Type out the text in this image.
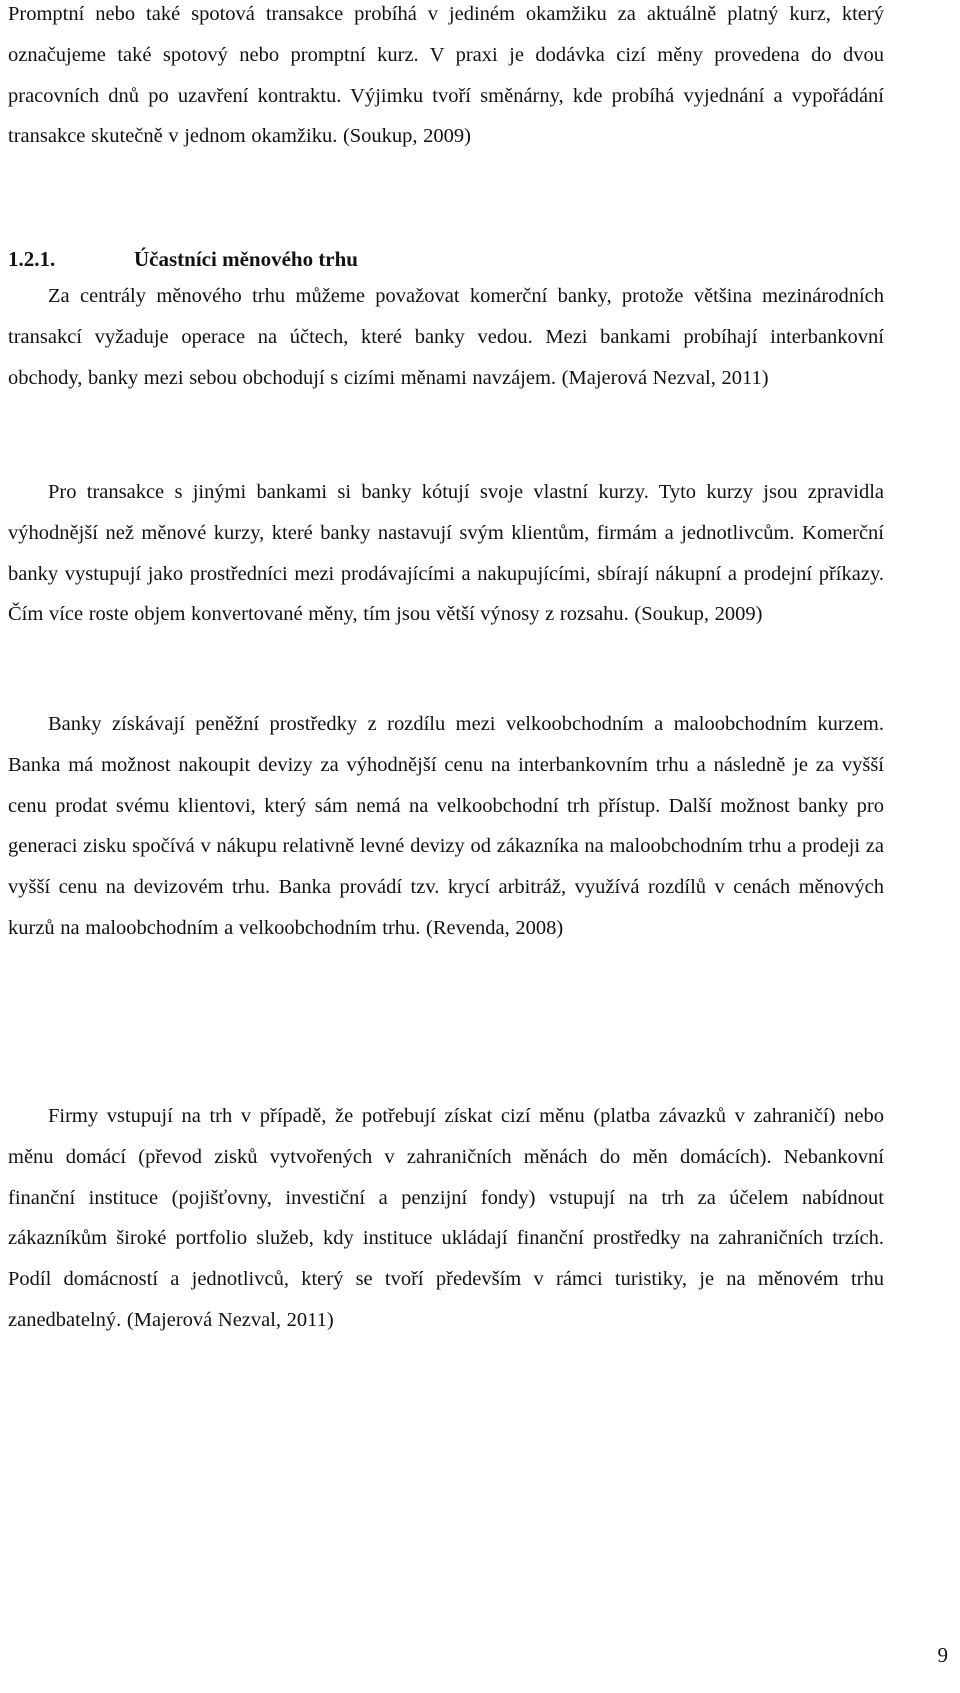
Promptní nebo také spotová transakce probíhá v jediném okamžiku za aktuálně platný kurz, který označujeme také spotový nebo promptní kurz. V praxi je dodávka cizí měny provedena do dvou pracovních dnů po uzavření kontraktu. Výjimku tvoří směnárny, kde probíhá vyjednání a vypořádání transakce skutečně v jednom okamžiku. (Soukup, 2009)

1.2.1.	Účastníci měnového trhu

Za centrály měnového trhu můžeme považovat komerční banky, protože většina mezinárodních transakcí vyžaduje operace na účtech, které banky vedou. Mezi bankami probíhají interbankovní obchody, banky mezi sebou obchodují s cizími měnami navzájem. (Majerová Nezval, 2011)

Pro transakce s jinými bankami si banky kótují svoje vlastní kurzy. Tyto kurzy jsou zpravidla výhodnější než měnové kurzy, které banky nastavují svým klientům, firmám a jednotlivcům. Komerční banky vystupují jako prostředníci mezi prodávajícími a nakupujícími, sbírají nákupní a prodejní příkazy. Čím více roste objem konvertované měny, tím jsou větší výnosy z rozsahu. (Soukup, 2009)

Banky získávají peněžní prostředky z rozdílu mezi velkoobchodním a maloobchodním kurzem. Banka má možnost nakoupit devizy za výhodnější cenu na interbankovním trhu a následně je za vyšší cenu prodat svému klientovi, který sám nemá na velkoobchodní trh přístup. Další možnost banky pro generaci zisku spočívá v nákupu relativně levné devizy od zákazníka na maloobchodním trhu a prodeji za vyšší cenu na devizovém trhu. Banka provádí tzv. krycí arbitráž, využívá rozdílů v cenách měnových kurzů na maloobchodním a velkoobchodním trhu. (Revenda, 2008)

Firmy vstupují na trh v případě, že potřebují získat cizí měnu (platba závazků v zahraničí) nebo měnu domácí (převod zisků vytvořených v zahraničních měnách do měn domácích). Nebankovní finanční instituce (pojišťovny, investiční a penzijní fondy) vstupují na trh za účelem nabídnout zákazníkům široké portfolio služeb, kdy instituce ukládají finanční prostředky na zahraničních trzích. Podíl domácností a jednotlivců, který se tvoří především v rámci turistiky, je na měnovém trhu zanedbatelný. (Majerová Nezval, 2011)

9
